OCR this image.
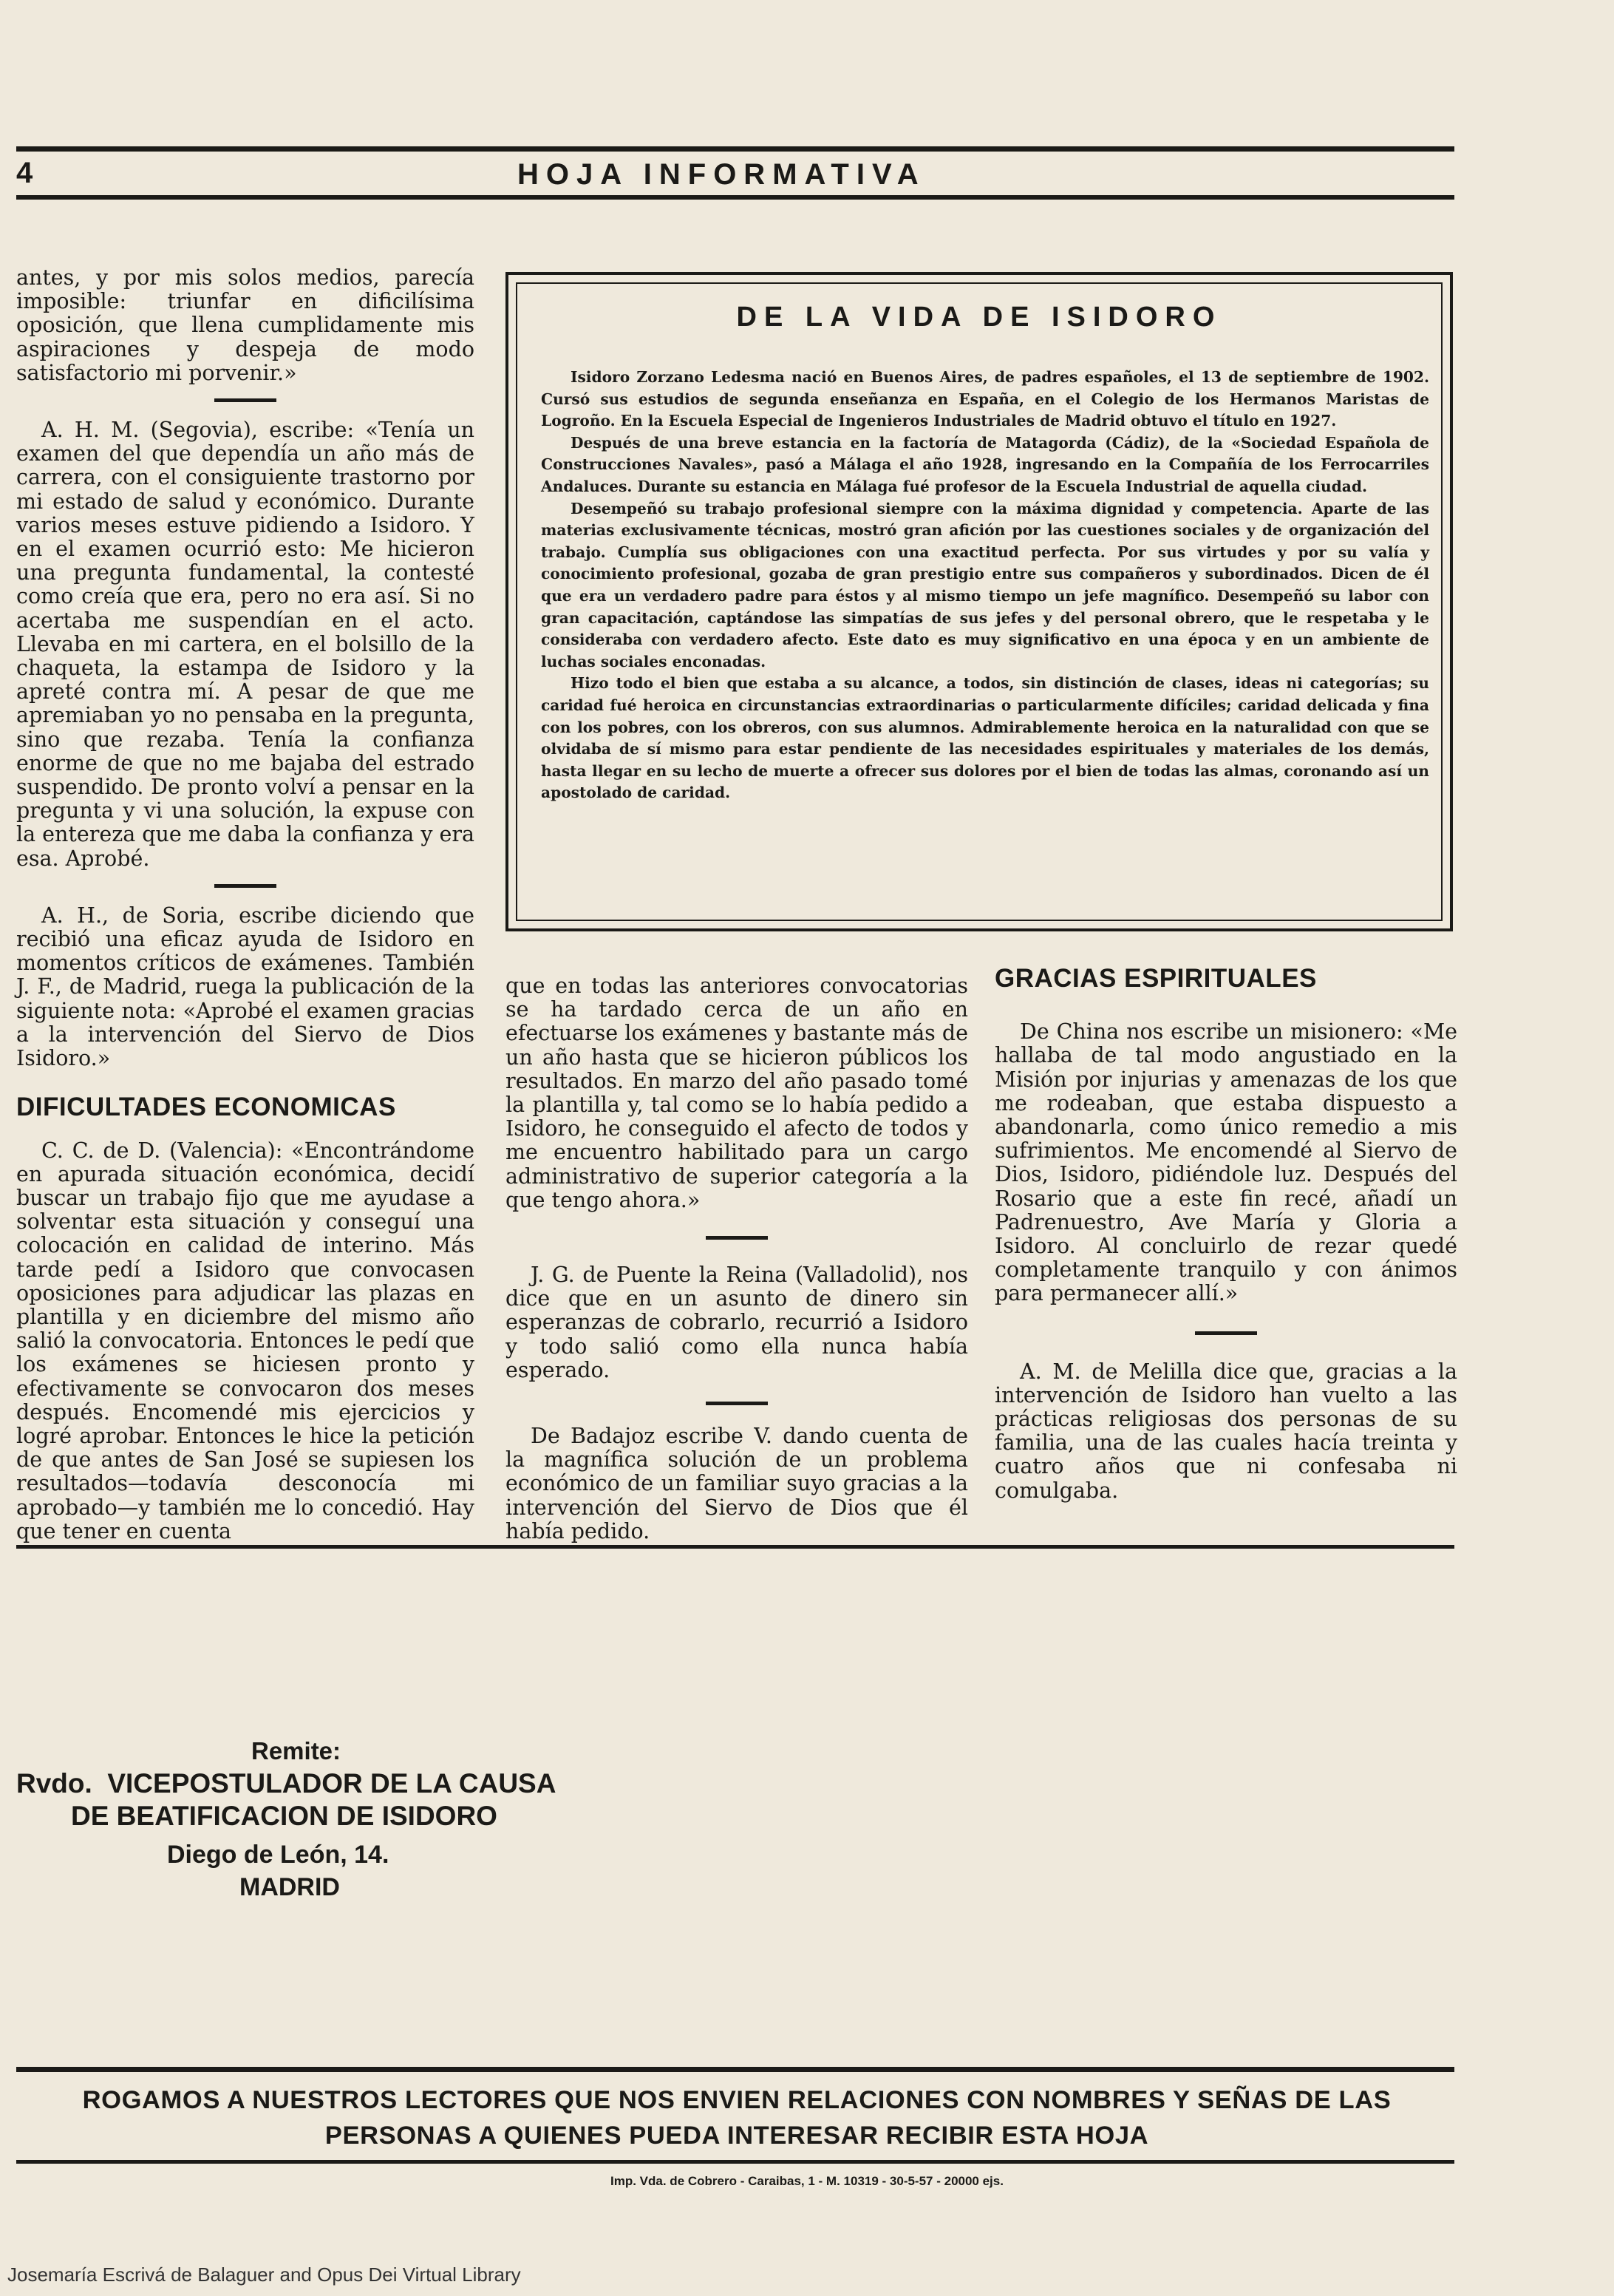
4	HOJA INFORMATIVA

antes, y por mis solos medios, parecía imposible: triunfar en dificilísima oposición, que llena cumplidamente mis aspiraciones y despeja de modo satisfactorio mi porvenir.»

A. H. M. (Segovia), escribe: «Tenía un examen del que dependía un año más de carrera, con el consiguiente trastorno por mi estado de salud y económico. Durante varios meses estuve pidiendo a Isidoro. Y en el examen ocurrió esto: Me hicieron una pregunta fundamental, la contesté como creía que era, pero no era así. Si no acertaba me suspendían en el acto. Llevaba en mi cartera, en el bolsillo de la chaqueta, la estampa de Isidoro y la apreté contra mí. A pesar de que me apremiaban yo no pensaba en la pregunta, sino que rezaba. Tenía la confianza enorme de que no me bajaba del estrado suspendido. De pronto volví a pensar en la pregunta y vi una solución, la expuse con la entereza que me daba la confianza y era esa. Aprobé.

A. H., de Soria, escribe diciendo que recibió una eficaz ayuda de Isidoro en momentos críticos de exámenes. También J. F., de Madrid, ruega la publicación de la siguiente nota: «Aprobé el examen gracias a la intervención del Siervo de Dios Isidoro.»

DIFICULTADES ECONOMICAS

C. C. de D. (Valencia): «Encontrándome en apurada situación económica, decidí buscar un trabajo fijo que me ayudase a solventar esta situación y conseguí una colocación en calidad de interino. Más tarde pedí a Isidoro que convocasen oposiciones para adjudicar las plazas en plantilla y en diciembre del mismo año salió la convocatoria. Entonces le pedí que los exámenes se hiciesen pronto y efectivamente se convocaron dos meses después. Encomendé mis ejercicios y logré aprobar. Entonces le hice la petición de que antes de San José se supiesen los resultados—todavía desconocía mi aprobado—y también me lo concedió. Hay que tener en cuenta

DE LA VIDA DE ISIDORO

Isidoro Zorzano Ledesma nació en Buenos Aires, de padres españoles, el 13 de septiembre de 1902. Cursó sus estudios de segunda enseñanza en España, en el Colegio de los Hermanos Maristas de Logroño. En la Escuela Especial de Ingenieros Industriales de Madrid obtuvo el título en 1927.

Después de una breve estancia en la factoría de Matagorda (Cádiz), de la «Sociedad Española de Construcciones Navales», pasó a Málaga el año 1928, ingresando en la Compañía de los Ferrocarriles Andaluces. Durante su estancia en Málaga fué profesor de la Escuela Industrial de aquella ciudad.

Desempeñó su trabajo profesional siempre con la máxima dignidad y competencia. Aparte de las materias exclusivamente técnicas, mostró gran afición por las cuestiones sociales y de organización del trabajo. Cumplía sus obligaciones con una exactitud perfecta. Por sus virtudes y por su valía y conocimiento profesional, gozaba de gran prestigio entre sus compañeros y subordinados. Dicen de él que era un verdadero padre para éstos y al mismo tiempo un jefe magnífico. Desempeñó su labor con gran capacitación, captándose las simpatías de sus jefes y del personal obrero, que le respetaba y le consideraba con verdadero afecto. Este dato es muy significativo en una época y en un ambiente de luchas sociales enconadas.

Hizo todo el bien que estaba a su alcance, a todos, sin distinción de clases, ideas ni categorías; su caridad fué heroica en circunstancias extraordinarias o particularmente difíciles; caridad delicada y fina con los pobres, con los obreros, con sus alumnos. Admirablemente heroica en la naturalidad con que se olvidaba de sí mismo para estar pendiente de las necesidades espirituales y materiales de los demás, hasta llegar en su lecho de muerte a ofrecer sus dolores por el bien de todas las almas, coronando así un apostolado de caridad.

que en todas las anteriores convocatorias se ha tardado cerca de un año en efectuarse los exámenes y bastante más de un año hasta que se hicieron públicos los resultados. En marzo del año pasado tomé la plantilla y, tal como se lo había pedido a Isidoro, he conseguido el afecto de todos y me encuentro habilitado para un cargo administrativo de superior categoría a la que tengo ahora.»

J. G. de Puente la Reina (Valladolid), nos dice que en un asunto de dinero sin esperanzas de cobrarlo, recurrió a Isidoro y todo salió como ella nunca había esperado.

De Badajoz escribe V. dando cuenta de la magnífica solución de un problema económico de un familiar suyo gracias a la intervención del Siervo de Dios que él había pedido.

GRACIAS ESPIRITUALES

De China nos escribe un misionero: «Me hallaba de tal modo angustiado en la Misión por injurias y amenazas de los que me rodeaban, que estaba dispuesto a abandonarla, como único remedio a mis sufrimientos. Me encomendé al Siervo de Dios, Isidoro, pidiéndole luz. Después del Rosario que a este fin recé, añadí un Padrenuestro, Ave María y Gloria a Isidoro. Al concluirlo de rezar quedé completamente tranquilo y con ánimos para permanecer allí.»

A. M. de Melilla dice que, gracias a la intervención de Isidoro han vuelto a las prácticas religiosas dos personas de su familia, una de las cuales hacía treinta y cuatro años que ni confesaba ni comulgaba.

Remite:
Rvdo.  VICEPOSTULADOR DE LA CAUSA
DE BEATIFICACION DE ISIDORO
Diego de León, 14.
MADRID
ROGAMOS A NUESTROS LECTORES QUE NOS ENVIEN RELACIONES CON NOMBRES Y SEÑAS DE LAS
PERSONAS A QUIENES PUEDA INTERESAR RECIBIR ESTA HOJA
Imp. Vda. de Cobrero - Caraibas, 1 - M. 10319 - 30-5-57 - 20000 ejs.
Josemaría Escrivá de Balaguer and Opus Dei Virtual Library
